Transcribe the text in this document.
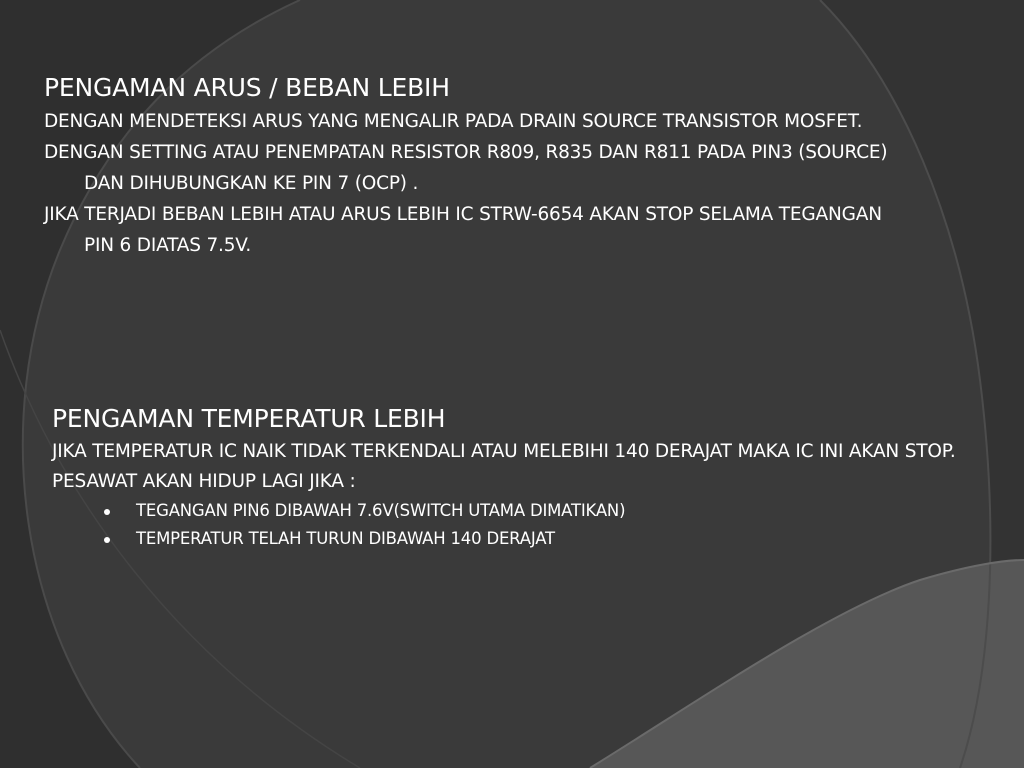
PENGAMAN ARUS / BEBAN LEBIH

DENGAN MENDETEKSI ARUS YANG MENGALIR PADA DRAIN SOURCE TRANSISTOR MOSFET.

DENGAN SETTING ATAU PENEMPATAN RESISTOR R809, R835 DAN R811 PADA PIN3 (SOURCE) DAN DIHUBUNGKAN KE PIN 7 (OCP) .

JIKA TERJADI BEBAN LEBIH ATAU ARUS LEBIH IC STRW-6654 AKAN STOP SELAMA TEGANGAN PIN 6 DIATAS 7.5V.

PENGAMAN TEMPERATUR LEBIH

JIKA TEMPERATUR IC NAIK TIDAK TERKENDALI ATAU MELEBIHI 140 DERAJAT MAKA IC INI AKAN STOP.

PESAWAT AKAN HIDUP LAGI JIKA :

TEGANGAN PIN6 DIBAWAH 7.6V(SWITCH UTAMA DIMATIKAN)
TEMPERATUR TELAH TURUN DIBAWAH 140 DERAJAT
